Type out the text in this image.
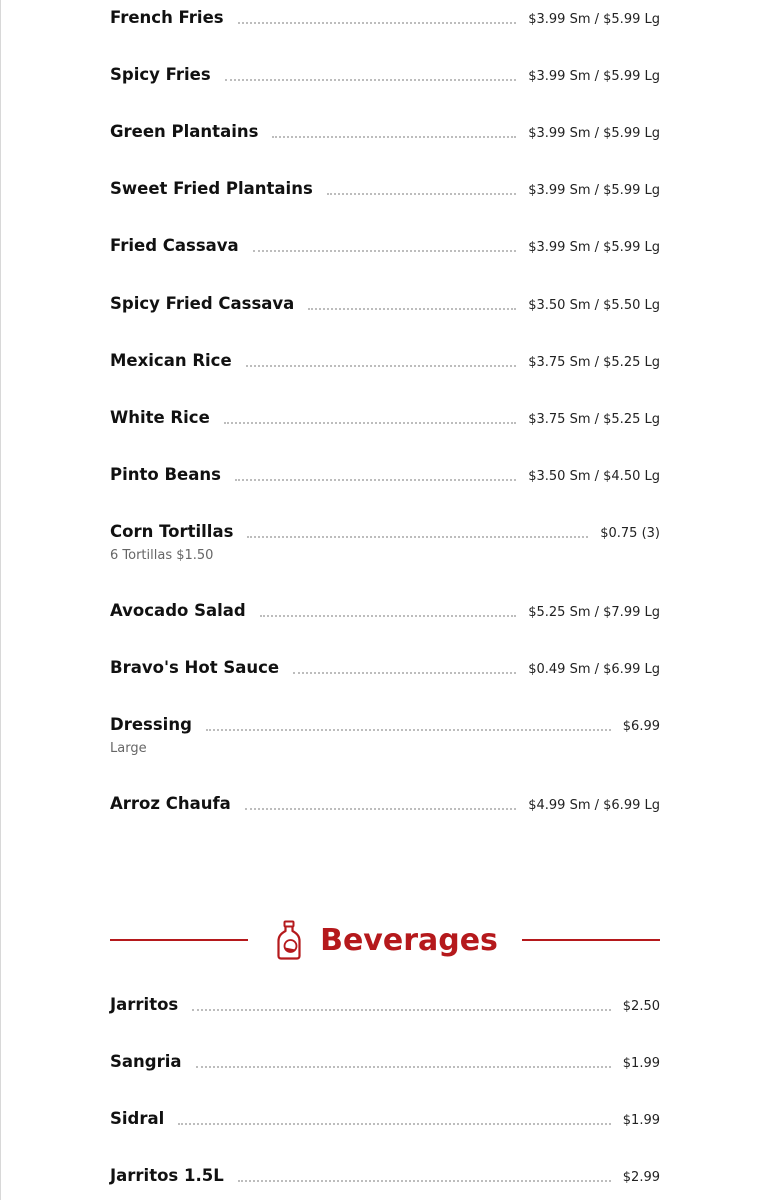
French Fries	$3.99 Sm / $5.99 Lg
Spicy Fries	$3.99 Sm / $5.99 Lg
Green Plantains	$3.99 Sm / $5.99 Lg
Sweet Fried Plantains	$3.99 Sm / $5.99 Lg
Fried Cassava	$3.99 Sm / $5.99 Lg
Spicy Fried Cassava	$3.50 Sm / $5.50 Lg
Mexican Rice	$3.75 Sm / $5.25 Lg
White Rice	$3.75 Sm / $5.25 Lg
Pinto Beans	$3.50 Sm / $4.50 Lg
Corn Tortillas	$0.75 (3)
6 Tortillas $1.50
Avocado Salad	$5.25 Sm / $7.99 Lg
Bravo's Hot Sauce	$0.49 Sm / $6.99 Lg
Dressing	$6.99
Large
Arroz Chaufa	$4.99 Sm / $6.99 Lg
Beverages
Jarritos	$2.50
Sangria	$1.99
Sidral	$1.99
Jarritos 1.5L	$2.99
